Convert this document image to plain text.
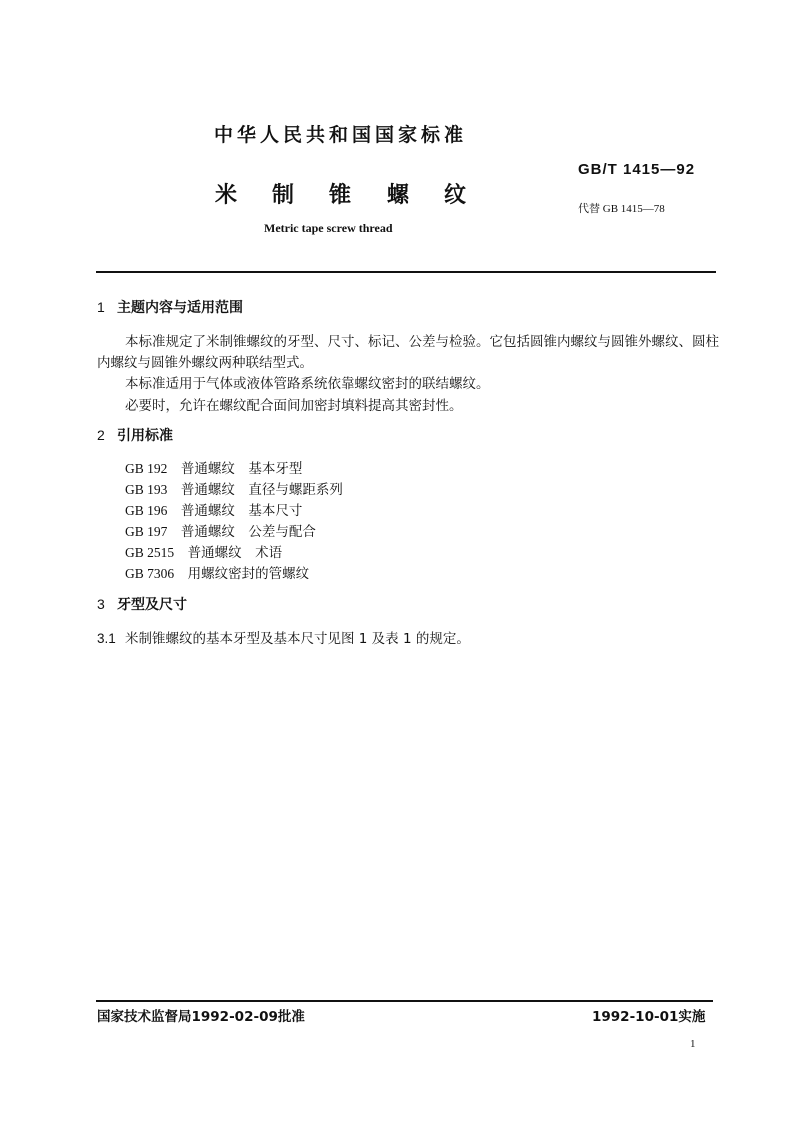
中华人民共和国国家标准
GB/T 1415—92
米 制 锥 螺 纹
代替 GB 1415—78
Metric tape screw thread
1 主题内容与适用范围
本标准规定了米制锥螺纹的牙型、尺寸、标记、公差与检验。它包括圆锥内螺纹与圆锥外螺纹、圆柱
内螺纹与圆锥外螺纹两种联结型式。
本标准适用于气体或液体管路系统依靠螺纹密封的联结螺纹。
必要时，允许在螺纹配合面间加密封填料提高其密封性。
2 引用标准
GB 192　 普通螺纹　基本牙型
GB 193　 普通螺纹　直径与螺距系列
GB 196　 普通螺纹　基本尺寸
GB 197　 普通螺纹　公差与配合
GB 2515　 普通螺纹　术语
GB 7306　 用螺纹密封的管螺纹
3 牙型及尺寸
3.1 米制锥螺纹的基本牙型及基本尺寸见图 1 及表 1 的规定。
国家技术监督局1992-02-09批准	1992-10-01实施
1
